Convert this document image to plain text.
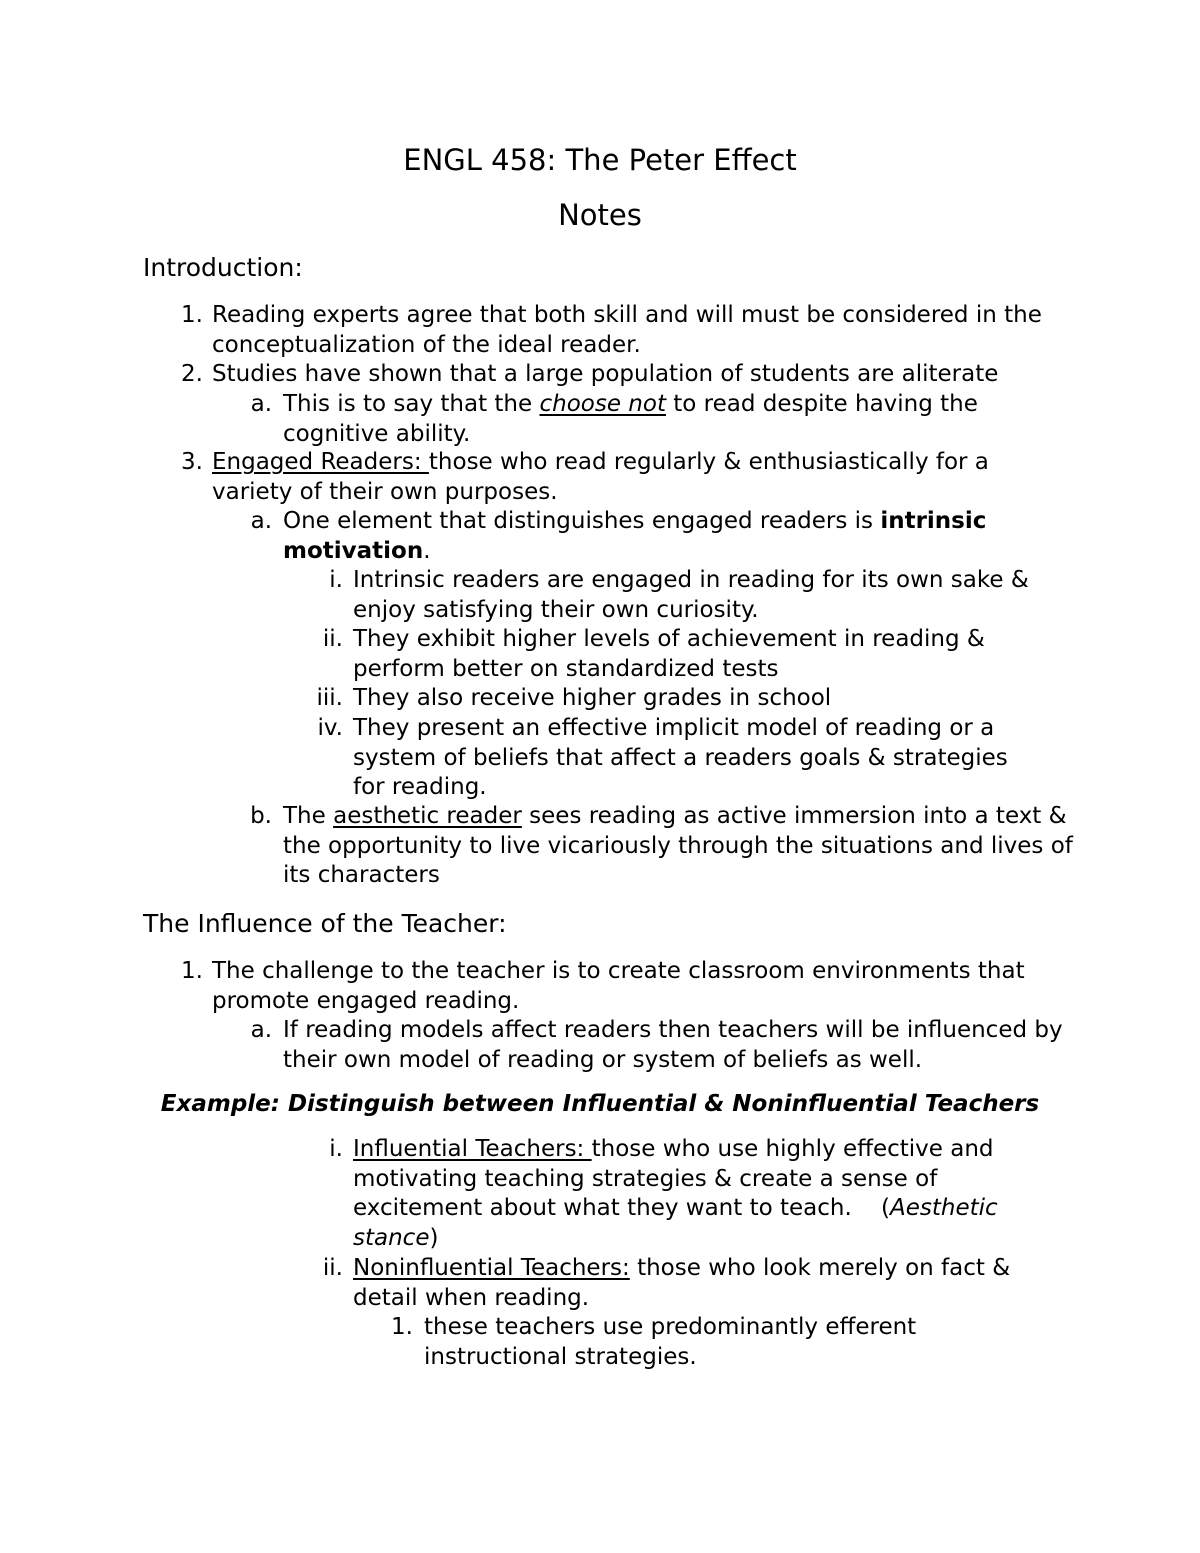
ENGL 458: The Peter Effect
Notes
Introduction:
1. Reading experts agree that both skill and will must be considered in the conceptualization of the ideal reader.
2. Studies have shown that a large population of students are aliterate
a. This is to say that the choose not to read despite having the cognitive ability.
3. Engaged Readers: those who read regularly & enthusiastically for a variety of their own purposes.
a. One element that distinguishes engaged readers is intrinsic motivation.
i. Intrinsic readers are engaged in reading for its own sake & enjoy satisfying their own curiosity.
ii. They exhibit higher levels of achievement in reading & perform better on standardized tests
iii. They also receive higher grades in school
iv. They present an effective implicit model of reading or a system of beliefs that affect a readers goals & strategies for reading.
b. The aesthetic reader sees reading as active immersion into a text & the opportunity to live vicariously through the situations and lives of its characters
The Influence of the Teacher:
1. The challenge to the teacher is to create classroom environments that promote engaged reading.
a. If reading models affect readers then teachers will be influenced by their own model of reading or system of beliefs as well.
Example: Distinguish between Influential & Noninfluential Teachers
i. Influential Teachers: those who use highly effective and motivating teaching strategies & create a sense of excitement about what they want to teach.    (Aesthetic stance)
ii. Noninfluential Teachers: those who look merely on fact & detail when reading.
1. these teachers use predominantly efferent instructional strategies.
